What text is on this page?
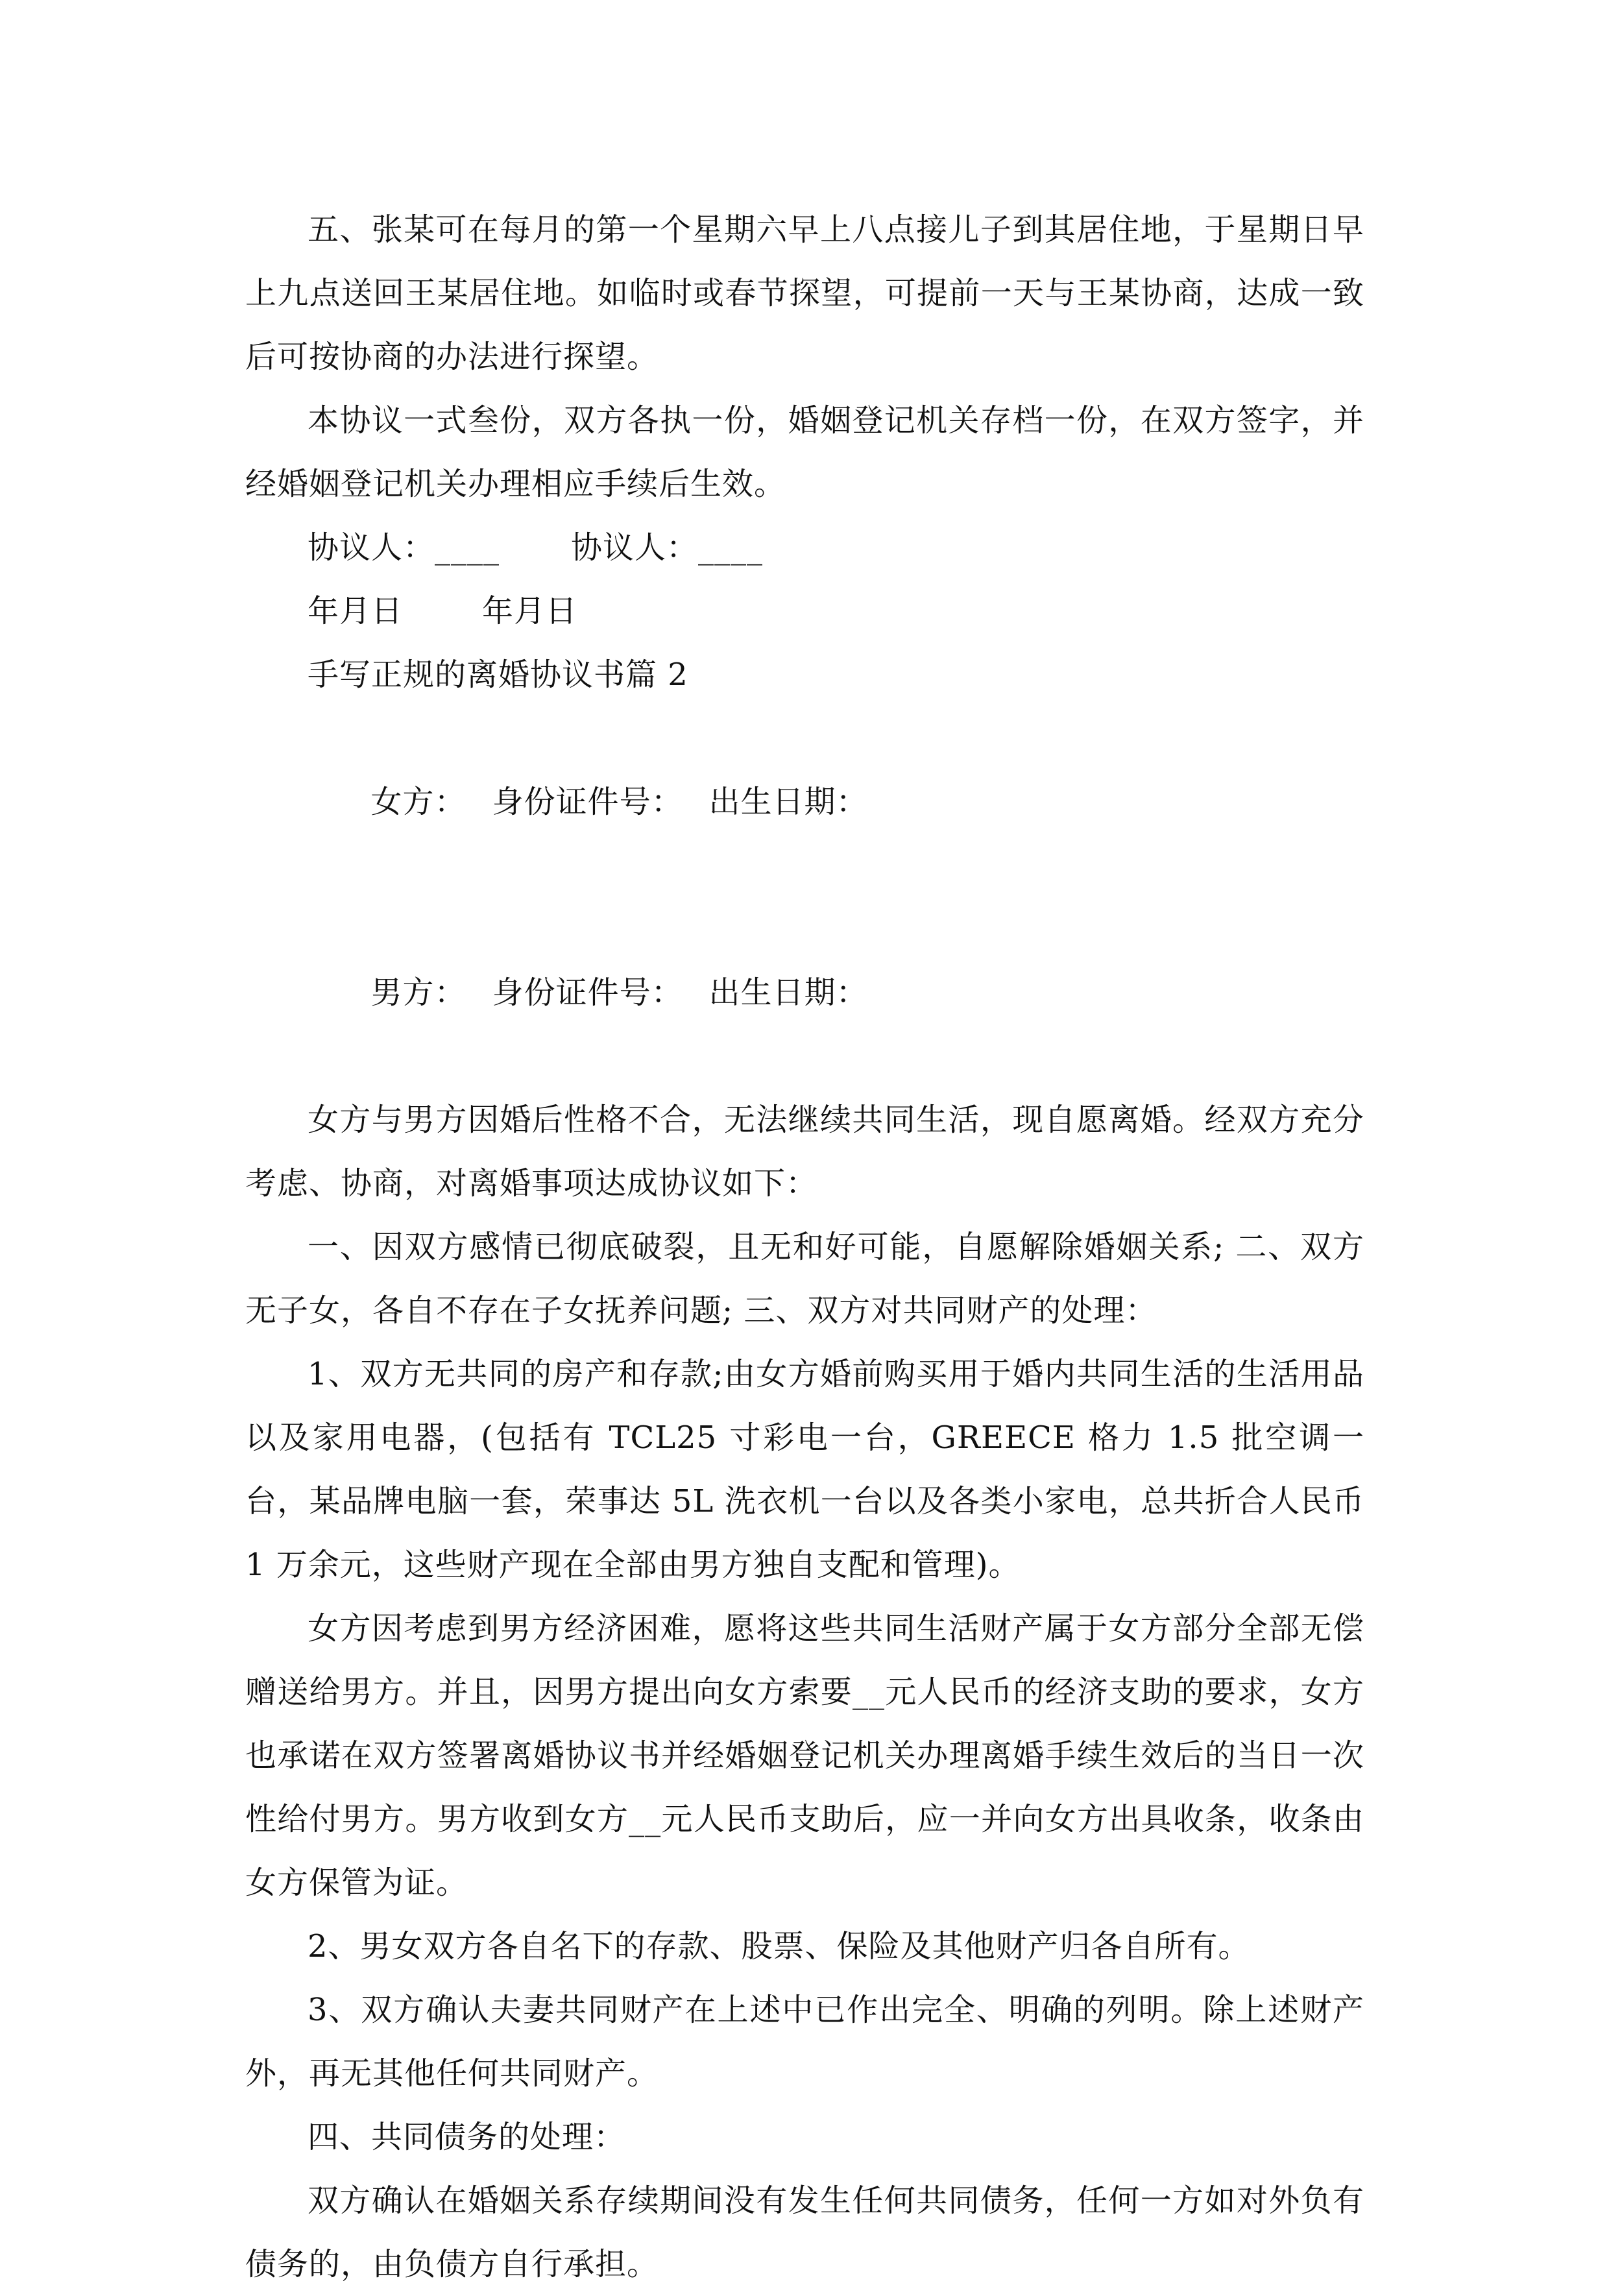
五、张某可在每月的第一个星期六早上八点接儿子到其居住地，于星期日早上九点送回王某居住地。如临时或春节探望，可提前一天与王某协商，达成一致后可按协商的办法进行探望。

本协议一式叁份，双方各执一份，婚姻登记机关存档一份，在双方签字，并经婚姻登记机关办理相应手续后生效。

协议人：____ 协议人：____
年月日	年月日

手写正规的离婚协议书篇 2

女方： 身份证件号： 出生日期：

男方： 身份证件号： 出生日期：

女方与男方因婚后性格不合，无法继续共同生活，现自愿离婚。经双方充分考虑、协商，对离婚事项达成协议如下：

一、因双方感情已彻底破裂，且无和好可能，自愿解除婚姻关系; 二、双方无子女，各自不存在子女抚养问题; 三、双方对共同财产的处理：

1、双方无共同的房产和存款;由女方婚前购买用于婚内共同生活的生活用品以及家用电器，(包括有 TCL25 寸彩电一台，GREECE 格力 1.5 批空调一台，某品牌电脑一套，荣事达 5L 洗衣机一台以及各类小家电，总共折合人民币 1 万余元，这些财产现在全部由男方独自支配和管理)。

女方因考虑到男方经济困难，愿将这些共同生活财产属于女方部分全部无偿赠送给男方。并且，因男方提出向女方索要__元人民币的经济支助的要求，女方也承诺在双方签署离婚协议书并经婚姻登记机关办理离婚手续生效后的当日一次性给付男方。男方收到女方__元人民币支助后，应一并向女方出具收条，收条由女方保管为证。

2、男女双方各自名下的存款、股票、保险及其他财产归各自所有。

3、双方确认夫妻共同财产在上述中已作出完全、明确的列明。除上述财产外，再无其他任何共同财产。

四、共同债务的处理：

双方确认在婚姻关系存续期间没有发生任何共同债务，任何一方如对外负有债务的，由负债方自行承担。
